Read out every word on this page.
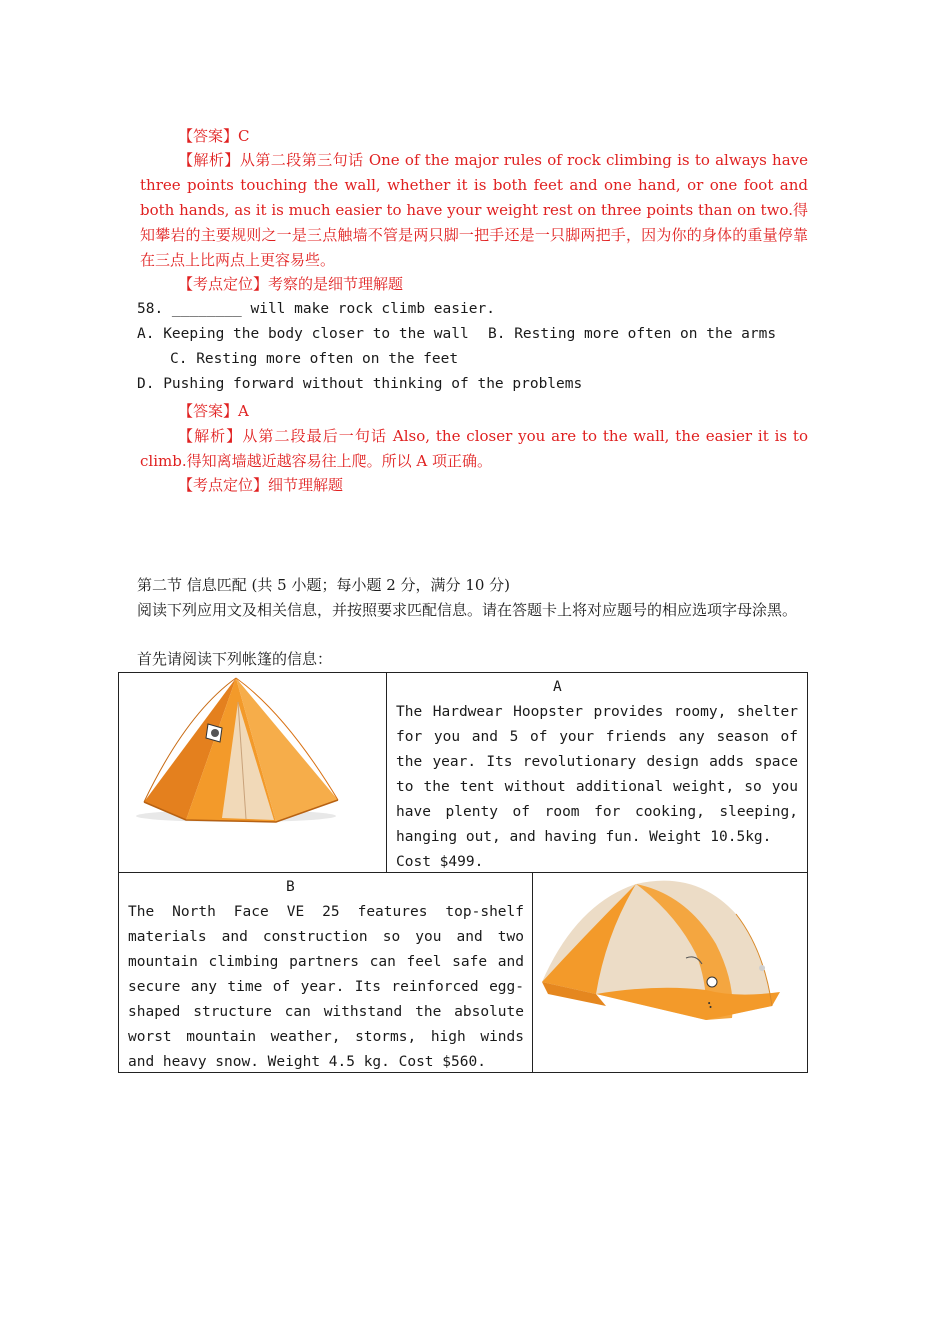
【答案】C
【解析】从第二段第三句话 One of the major rules of rock climbing is to always have three points touching the wall, whether it is both feet and one hand, or one foot and both hands, as it is much easier to have your weight rest on three points than on two.得知攀岩的主要规则之一是三点触墙不管是两只脚一把手还是一只脚两把手，因为你的身体的重量停靠在三点上比两点上更容易些。
【考点定位】考察的是细节理解题
58. ________ will make rock climb easier.
A. Keeping the body closer to the wall B. Resting more often on the arms
C. Resting more often on the feet
D. Pushing forward without thinking of the problems
【答案】A
【解析】从第二段最后一句话 Also, the closer you are to the wall, the easier it is to climb.得知离墙越近越容易往上爬。所以 A 项正确。
【考点定位】细节理解题
第二节 信息匹配 (共 5 小题；每小题 2 分，满分 10 分)
阅读下列应用文及相关信息，并按照要求匹配信息。请在答题卡上将对应题号的相应选项字母涂黑。
首先请阅读下列帐篷的信息：
A
The Hardwear Hoopster provides roomy, shelter for you and 5 of your friends any season of the year. Its revolutionary design adds space to the tent without additional weight, so you have plenty of room for cooking, sleeping, hanging out, and having fun. Weight 10.5kg.
Cost $499.
B
The North Face VE 25 features top-shelf materials and construction so you and two mountain climbing partners can feel safe and secure any time of year. Its reinforced egg-shaped structure can withstand the absolute worst mountain weather, storms, high winds and heavy snow. Weight 4.5 kg. Cost $560.
••
